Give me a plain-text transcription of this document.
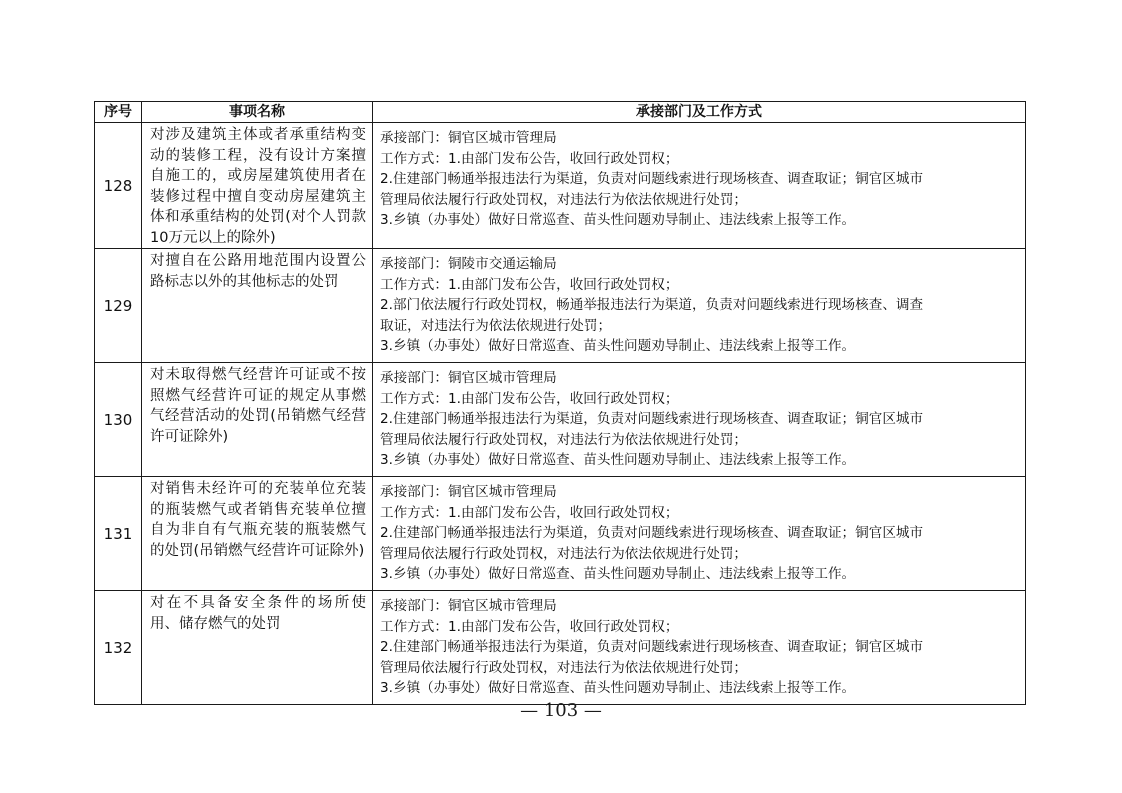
序号	事项名称	承接部门及工作方式
128	对涉及建筑主体或者承重结构变动的装修工程，没有设计方案擅自施工的，或房屋建筑使用者在装修过程中擅自变动房屋建筑主体和承重结构的处罚(对个人罚款10万元以上的除外)	承接部门：铜官区城市管理局
工作方式：1.由部门发布公告，收回行政处罚权；
2.住建部门畅通举报违法行为渠道，负责对问题线索进行现场核查、调查取证；铜官区城市
管理局依法履行行政处罚权，对违法行为依法依规进行处罚；
3.乡镇（办事处）做好日常巡查、苗头性问题劝导制止、违法线索上报等工作。

129	对擅自在公路用地范围内设置公路标志以外的其他标志的处罚	承接部门：铜陵市交通运输局
工作方式：1.由部门发布公告，收回行政处罚权；
2.部门依法履行行政处罚权，畅通举报违法行为渠道，负责对问题线索进行现场核查、调查
取证，对违法行为依法依规进行处罚；
3.乡镇（办事处）做好日常巡查、苗头性问题劝导制止、违法线索上报等工作。

130	对未取得燃气经营许可证或不按照燃气经营许可证的规定从事燃气经营活动的处罚(吊销燃气经营许可证除外)	承接部门：铜官区城市管理局
工作方式：1.由部门发布公告，收回行政处罚权；
2.住建部门畅通举报违法行为渠道，负责对问题线索进行现场核查、调查取证；铜官区城市
管理局依法履行行政处罚权，对违法行为依法依规进行处罚；
3.乡镇（办事处）做好日常巡查、苗头性问题劝导制止、违法线索上报等工作。

131	对销售未经许可的充装单位充装的瓶装燃气或者销售充装单位擅自为非自有气瓶充装的瓶装燃气的处罚(吊销燃气经营许可证除外)	承接部门：铜官区城市管理局
工作方式：1.由部门发布公告，收回行政处罚权；
2.住建部门畅通举报违法行为渠道，负责对问题线索进行现场核查、调查取证；铜官区城市
管理局依法履行行政处罚权，对违法行为依法依规进行处罚；
3.乡镇（办事处）做好日常巡查、苗头性问题劝导制止、违法线索上报等工作。

132	对在不具备安全条件的场所使用、储存燃气的处罚	承接部门：铜官区城市管理局
工作方式：1.由部门发布公告，收回行政处罚权；
2.住建部门畅通举报违法行为渠道，负责对问题线索进行现场核查、调查取证；铜官区城市
管理局依法履行行政处罚权，对违法行为依法依规进行处罚；
3.乡镇（办事处）做好日常巡查、苗头性问题劝导制止、违法线索上报等工作。
— 103 —
